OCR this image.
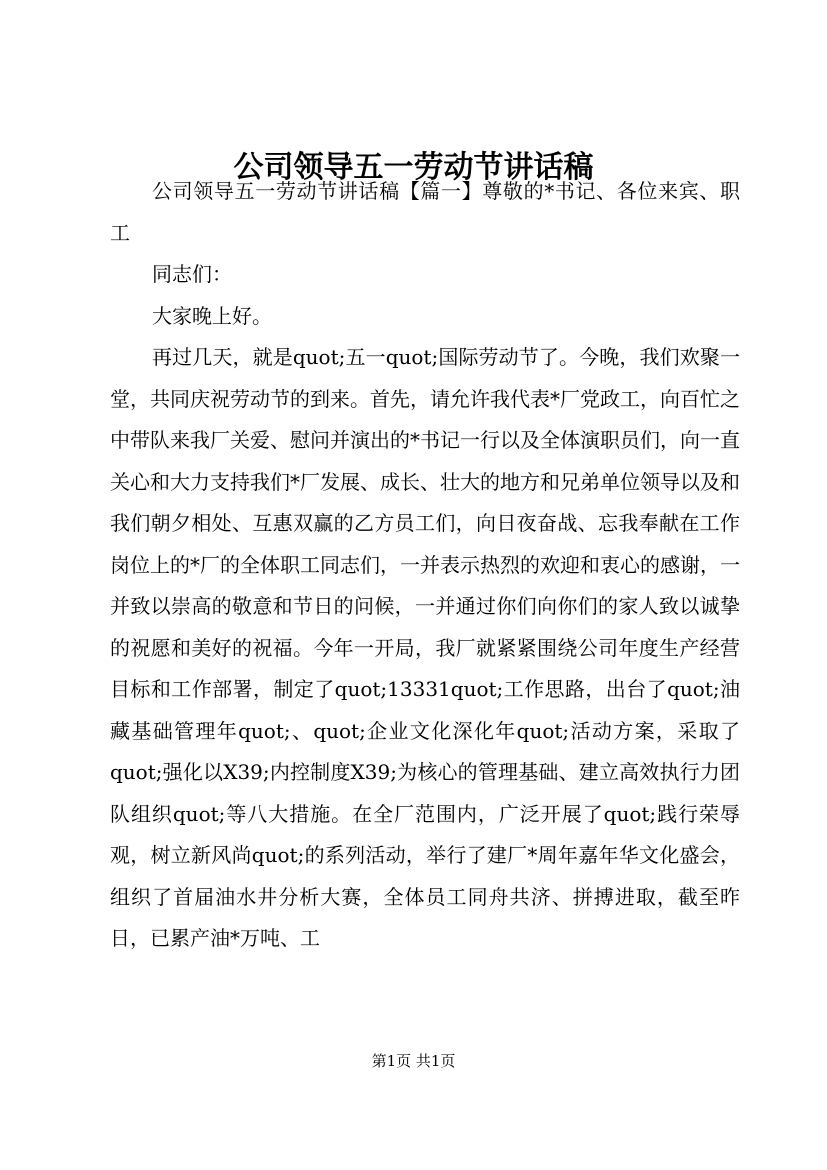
公司领导五一劳动节讲话稿

公司领导五一劳动节讲话稿【篇一】尊敬的*书记、各位来宾、职工

同志们：

大家晚上好。

再过几天，就是quot;五一quot;国际劳动节了。今晚，我们欢聚一堂，共同庆祝劳动节的到来。首先，请允许我代表*厂党政工，向百忙之中带队来我厂关爱、慰问并演出的*书记一行以及全体演职员们，向一直关心和大力支持我们*厂发展、成长、壮大的地方和兄弟单位领导以及和我们朝夕相处、互惠双赢的乙方员工们，向日夜奋战、忘我奉献在工作岗位上的*厂的全体职工同志们，一并表示热烈的欢迎和衷心的感谢，一并致以崇高的敬意和节日的问候，一并通过你们向你们的家人致以诚挚的祝愿和美好的祝福。今年一开局，我厂就紧紧围绕公司年度生产经营目标和工作部署，制定了quot;13331quot;工作思路，出台了quot;油藏基础管理年quot;、quot;企业文化深化年quot;活动方案，采取了quot;强化以X39;内控制度X39;为核心的管理基础、建立高效执行力团队组织quot;等八大措施。在全厂范围内，广泛开展了quot;践行荣辱观，树立新风尚quot;的系列活动，举行了建厂*周年嘉年华文化盛会，组织了首届油水井分析大赛，全体员工同舟共济、拼搏进取，截至昨日，已累产油*万吨、工

第1页 共1页
